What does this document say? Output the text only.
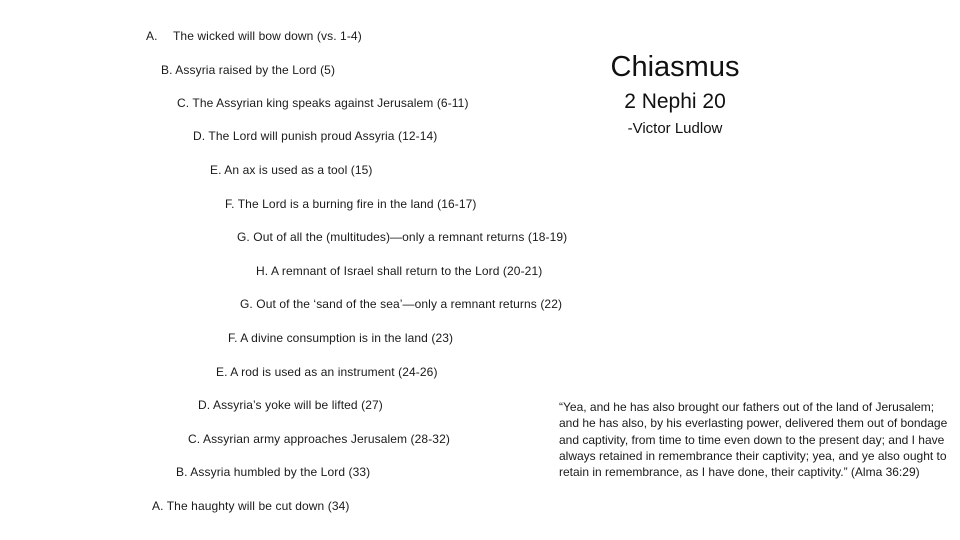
A. The wicked will bow down (vs. 1-4)
B. Assyria raised by the Lord (5)
C. The Assyrian king speaks against Jerusalem (6-11)
D. The Lord will punish proud Assyria (12-14)
E. An ax is used as a tool (15)
F. The Lord is a burning fire in the land (16-17)
G. Out of all the (multitudes)—only a remnant returns (18-19)
H. A remnant of Israel shall return to the Lord (20-21)
G. Out of the ‘sand of the sea’—only a remnant returns (22)
F. A divine consumption is in the land (23)
E. A rod is used as an instrument (24-26)
D. Assyria’s yoke will be lifted (27)
C. Assyrian army approaches Jerusalem (28-32)
B. Assyria humbled by the Lord (33)
A. The haughty will be cut down (34)
Chiasmus
2 Nephi 20
-Victor Ludlow
“Yea, and he has also brought our fathers out of the land of Jerusalem; and he has also, by his everlasting power, delivered them out of bondage and captivity, from time to time even down to the present day; and I have always retained in remembrance their captivity; yea, and ye also ought to retain in remembrance, as I have done, their captivity.” (Alma 36:29)
